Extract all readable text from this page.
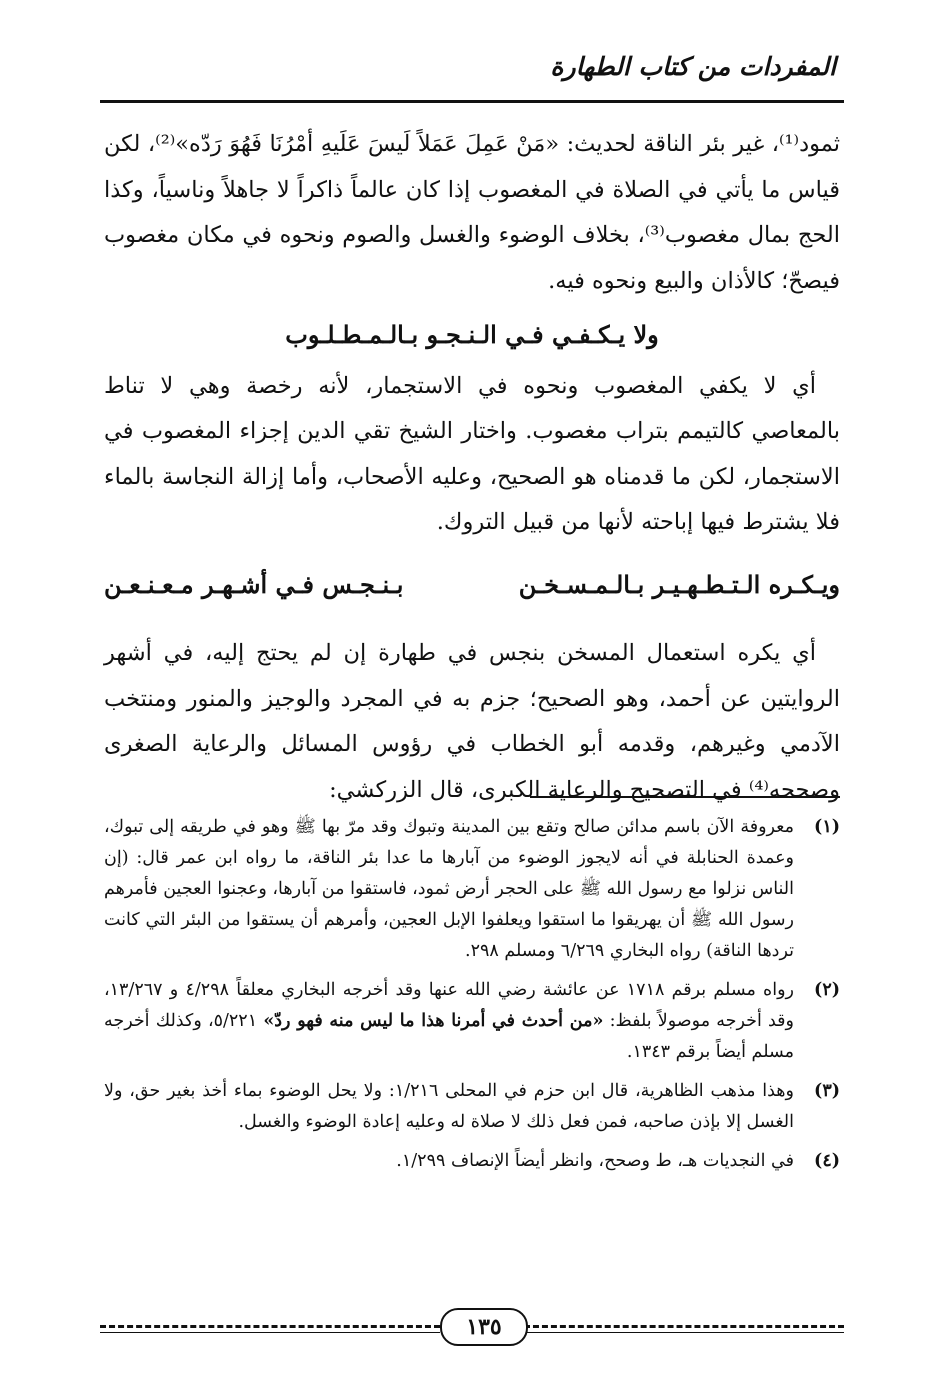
المفردات من كتاب الطهارة

ثمود⁽¹⁾، غير بئر الناقة لحديث: «مَنْ عَمِلَ عَمَلاً لَيسَ عَلَيهِ أمْرُنَا فَهُوَ رَدّه»⁽²⁾، لكن قياس ما يأتي في الصلاة في المغصوب إذا كان عالماً ذاكراً لا جاهلاً وناسياً، وكذا الحج بمال مغصوب⁽³⁾، بخلاف الوضوء والغسل والصوم ونحوه في مكان مغصوب فيصحّ؛ كالأذان والبيع ونحوه فيه.

ولا يـكـفـي فـي الـنـجـو بـالـمـطـلـوب

أي لا يكفي المغصوب ونحوه في الاستجمار، لأنه رخصة وهي لا تناط بالمعاصي كالتيمم بتراب مغصوب. واختار الشيخ تقي الدين إجزاء المغصوب في الاستجمار، لكن ما قدمناه هو الصحيح، وعليه الأصحاب، وأما إزالة النجاسة بالماء فلا يشترط فيها إباحته لأنها من قبيل التروك.

ويـكـره الـتـطـهـيـر بـالـمـسـخـن
بـنـجـس فـي أشـهـر مـعـنـعـن

أي يكره استعمال المسخن بنجس في طهارة إن لم يحتج إليه، في أشهر الروايتين عن أحمد، وهو الصحيح؛ جزم به في المجرد والوجيز والمنور ومنتخب الآدمي وغيرهم، وقدمه أبو الخطاب في رؤوس المسائل والرعاية الصغرى وصححه⁽⁴⁾ في التصحيح والرعاية الكبرى، قال الزركشي:

(١)
معروفة الآن باسم مدائن صالح وتقع بين المدينة وتبوك وقد مرّ بها ﷺ وهو في طريقه إلى تبوك، وعمدة الحنابلة في أنه لايجوز الوضوء من آبارها ما عدا بئر الناقة، ما رواه ابن عمر قال: (إن الناس نزلوا مع رسول الله ﷺ على الحجر أرض ثمود، فاستقوا من آبارها، وعجنوا العجين فأمرهم رسول الله ﷺ أن يهريقوا ما استقوا ويعلفوا الإبل العجين، وأمرهم أن يستقوا من البئر التي كانت تردها الناقة) رواه البخاري ٦/٢٦٩ ومسلم ٢٩٨.
(٢)
رواه مسلم برقم ١٧١٨ عن عائشة رضي الله عنها وقد أخرجه البخاري معلقاً ٤/٢٩٨ و ١٣/٢٦٧، وقد أخرجه موصولاً بلفظ: «من أحدث في أمرنا هذا ما ليس منه فهو ردّ» ٥/٢٢١، وكذلك أخرجه مسلم أيضاً برقم ١٣٤٣.
(٣)
وهذا مذهب الظاهرية، قال ابن حزم في المحلى ١/٢١٦: ولا يحل الوضوء بماء أخذ بغير حق، ولا الغسل إلا بإذن صاحبه، فمن فعل ذلك لا صلاة له وعليه إعادة الوضوء والغسل.
(٤)
في النجديات هـ، ط وصحح، وانظر أيضاً الإنصاف ١/٢٩٩.
١٣٥
